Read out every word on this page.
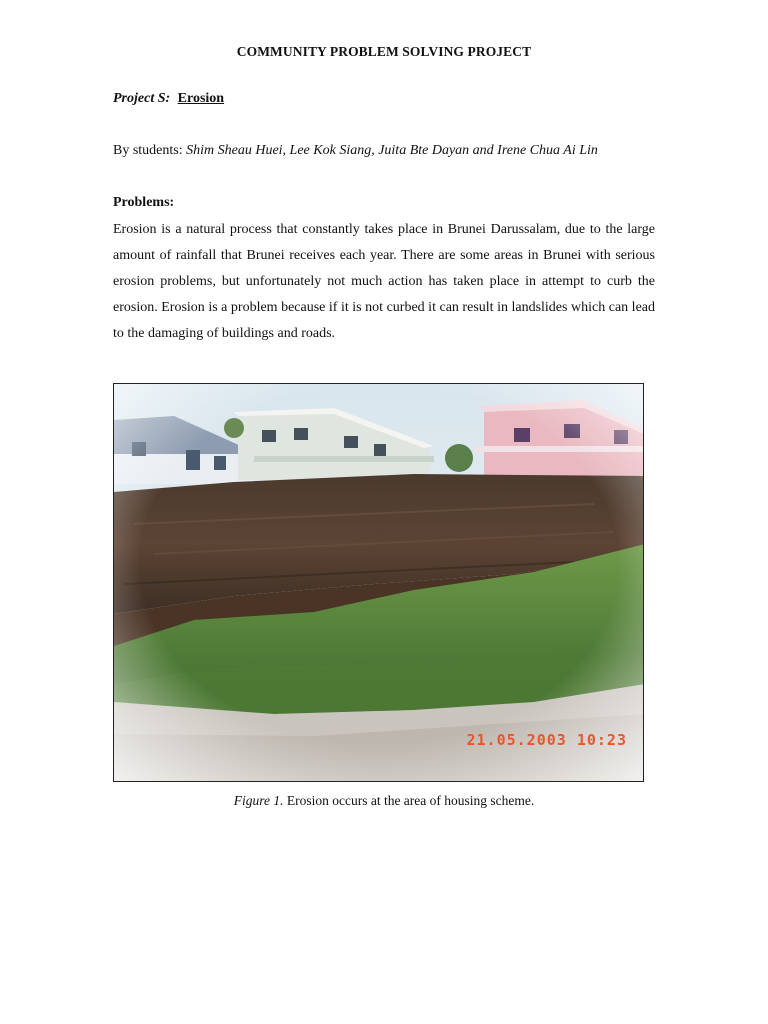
COMMUNITY PROBLEM SOLVING PROJECT
Project S: Erosion
By students: Shim Sheau Huei, Lee Kok Siang, Juita Bte Dayan and Irene Chua Ai Lin
Problems:

Erosion is a natural process that constantly takes place in Brunei Darussalam, due to the large amount of rainfall that Brunei receives each year. There are some areas in Brunei with serious erosion problems, but unfortunately not much action has taken place in attempt to curb the erosion. Erosion is a problem because if it is not curbed it can result in landslides which can lead to the damaging of buildings and roads.

21.05.2003 10:23
Figure 1. Erosion occurs at the area of housing scheme.
